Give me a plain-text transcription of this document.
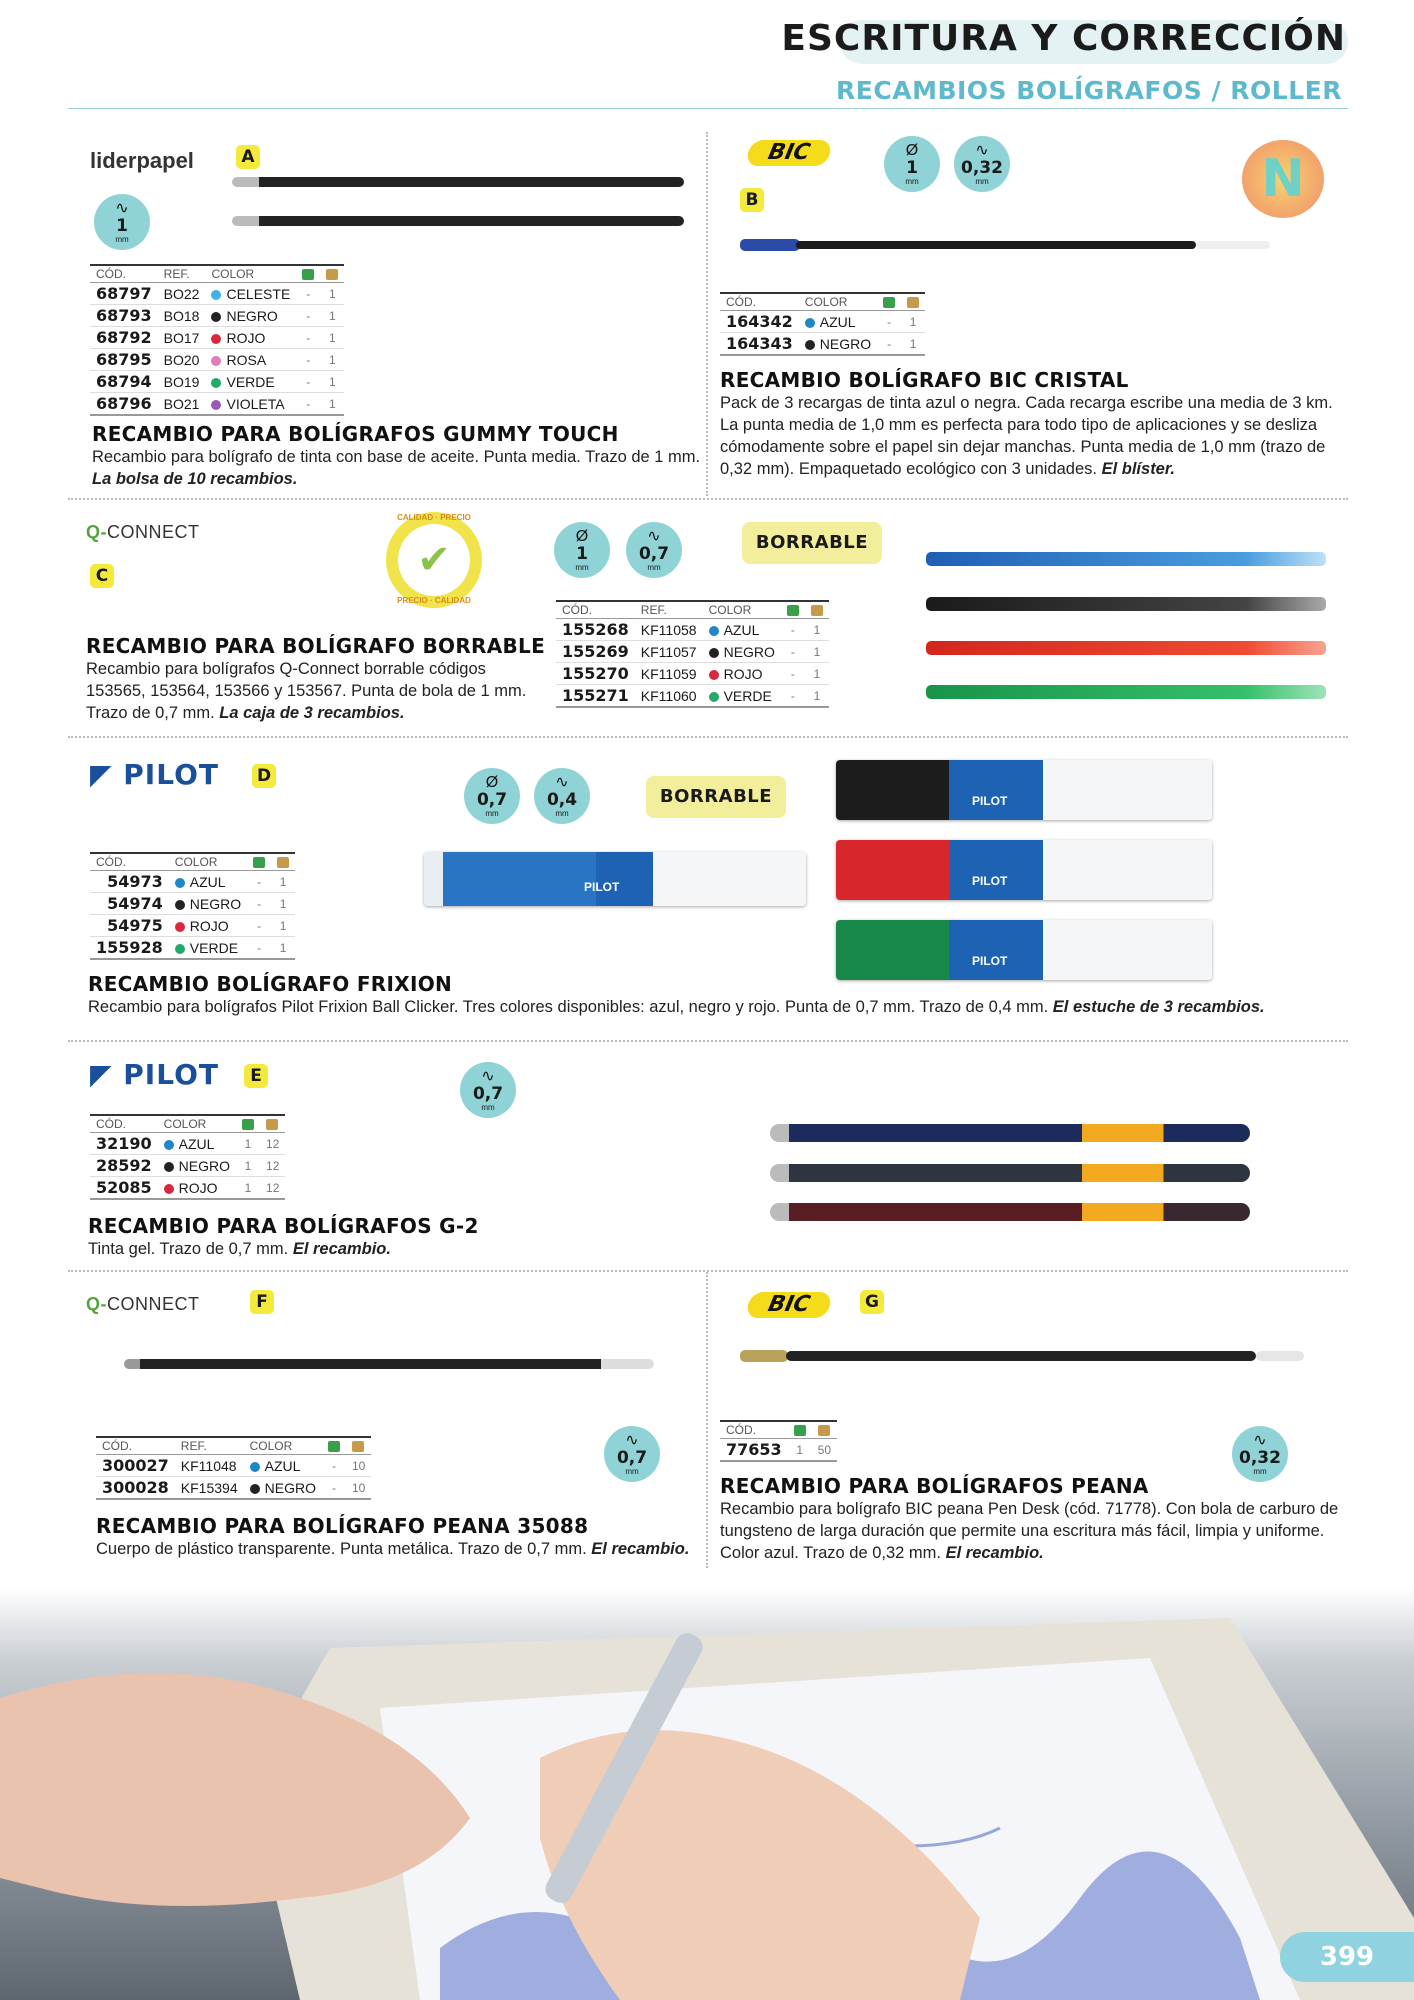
ESCRITURA Y CORRECCIÓN
RECAMBIOS BOLÍGRAFOS / ROLLER
liderpapel	A
∿
1
mm
CÓD.	REF.	COLOR		
68797	BO22	CELESTE	-	1
68793	BO18	NEGRO	-	1
68792	BO17	ROJO	-	1
68795	BO20	ROSA	-	1
68794	BO19	VERDE	-	1
68796	BO21	VIOLETA	-	1
RECAMBIO PARA BOLÍGRAFOS GUMMY TOUCH
Recambio para bolígrafo de tinta con base de aceite. Punta media. Trazo de 1 mm. La bolsa de 10 recambios.
BIC
B
Ø
1
mm
∿
0,32
mm	N
CÓD.	COLOR		
164342	AZUL	-	1
164343	NEGRO	-	1
RECAMBIO BOLÍGRAFO BIC CRISTAL
Pack de 3 recargas de tinta azul o negra. Cada recarga escribe una media de 3 km. La punta media de 1,0 mm es perfecta para todo tipo de aplicaciones y se desliza cómodamente sobre el papel sin dejar manchas. Punta media de 1,0 mm (trazo de 0,32 mm). Empaquetado ecológico con 3 unidades. El blíster.
Q-CONNECT
C	✔
CALIDAD · PRECIO
PRECIO · CALIDAD
Ø
1
mm
∿
0,7
mm
BORRABLE
CÓD.	REF.	COLOR		
155268	KF11058	AZUL	-	1
155269	KF11057	NEGRO	-	1
155270	KF11059	ROJO	-	1
155271	KF11060	VERDE	-	1
RECAMBIO PARA BOLÍGRAFO BORRABLE
Recambio para bolígrafos Q-Connect borrable códigos 153565, 153564, 153566 y 153567. Punta de bola de 1 mm. Trazo de 0,7 mm. La caja de 3 recambios.
◤ PILOT D	Ø
0,7
mm
∿
0,4
mm
BORRABLE
PILOT
PILOT
PILOT
PILOT
CÓD.	COLOR		
54973	AZUL	-	1
54974	NEGRO	-	1
54975	ROJO	-	1
155928	VERDE	-	1
RECAMBIO BOLÍGRAFO FRIXION
Recambio para bolígrafos Pilot Frixion Ball Clicker. Tres colores disponibles: azul, negro y rojo. Punta de 0,7 mm. Trazo de 0,4 mm. El estuche de 3 recambios.
◤ PILOT	E	∿
0,7
mm
CÓD.	COLOR		
32190	AZUL	1	12
28592	NEGRO	1	12
52085	ROJO	1	12
RECAMBIO PARA BOLÍGRAFOS G-2
Tinta gel. Trazo de 0,7 mm. El recambio.
Q-CONNECT	F
∿
0,7
mm
CÓD.	REF.	COLOR		
300027	KF11048	AZUL	-	10
300028	KF15394	NEGRO	-	10
RECAMBIO PARA BOLÍGRAFO PEANA 35088
Cuerpo de plástico transparente. Punta metálica. Trazo de 0,7 mm. El recambio.
BIC	G
CÓD.		
77653	1	50
∿
0,32
mm
RECAMBIO PARA BOLÍGRAFOS PEANA
Recambio para bolígrafo BIC peana Pen Desk (cód. 71778). Con bola de carburo de tungsteno de larga duración que permite una escritura más fácil, limpia y uniforme. Color azul. Trazo de 0,32 mm. El recambio.
399
